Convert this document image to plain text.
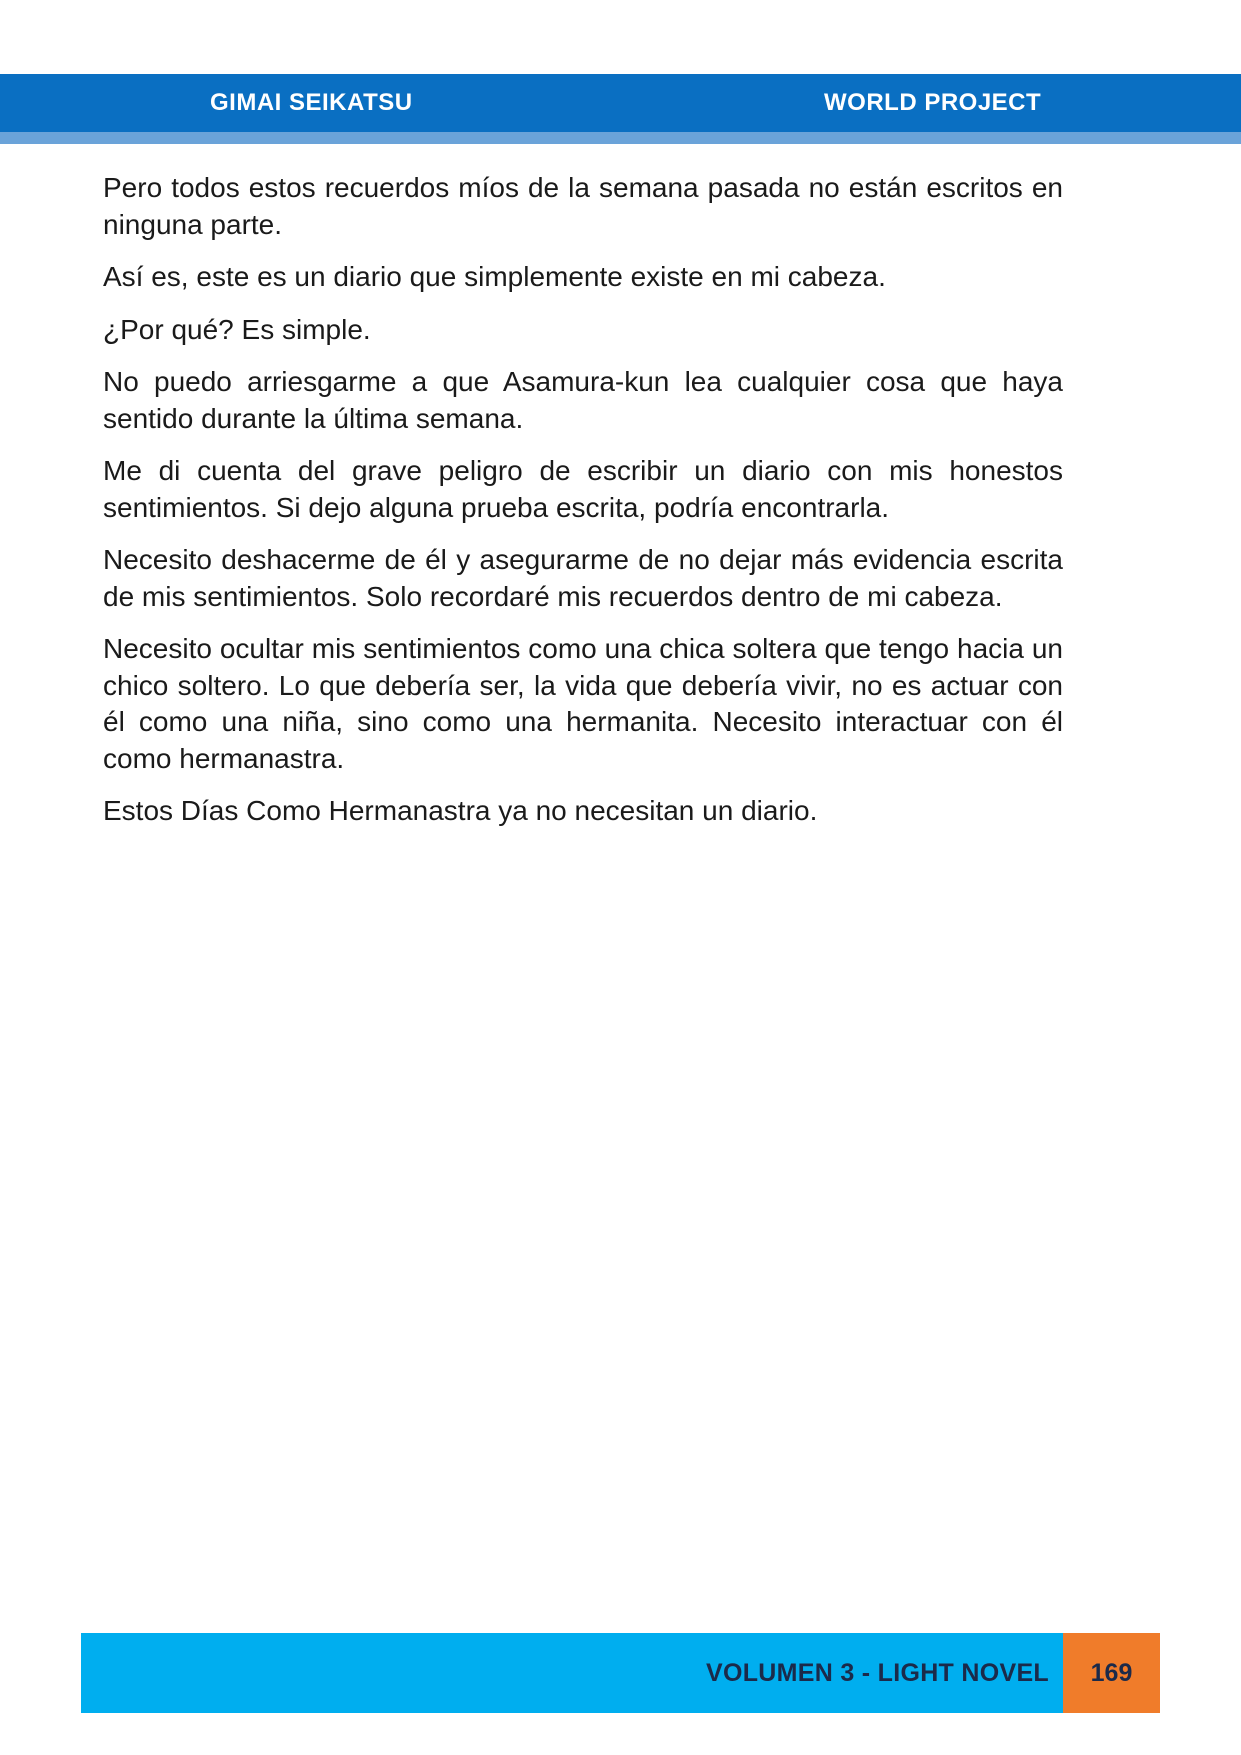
GIMAI SEIKATSU	WORLD PROJECT

Pero todos estos recuerdos míos de la semana pasada no están escritos en ninguna parte.

Así es, este es un diario que simplemente existe en mi cabeza.

¿Por qué? Es simple.

No puedo arriesgarme a que Asamura-kun lea cualquier cosa que haya sentido durante la última semana.

Me di cuenta del grave peligro de escribir un diario con mis honestos sentimientos. Si dejo alguna prueba escrita, podría encontrarla.

Necesito deshacerme de él y asegurarme de no dejar más evidencia escrita de mis sentimientos. Solo recordaré mis recuerdos dentro de mi cabeza.

Necesito ocultar mis sentimientos como una chica soltera que tengo hacia un chico soltero. Lo que debería ser, la vida que debería vivir, no es actuar con él como una niña, sino como una hermanita. Necesito interactuar con él como hermanastra.

Estos Días Como Hermanastra ya no necesitan un diario.

VOLUMEN 3 - LIGHT NOVEL	169
